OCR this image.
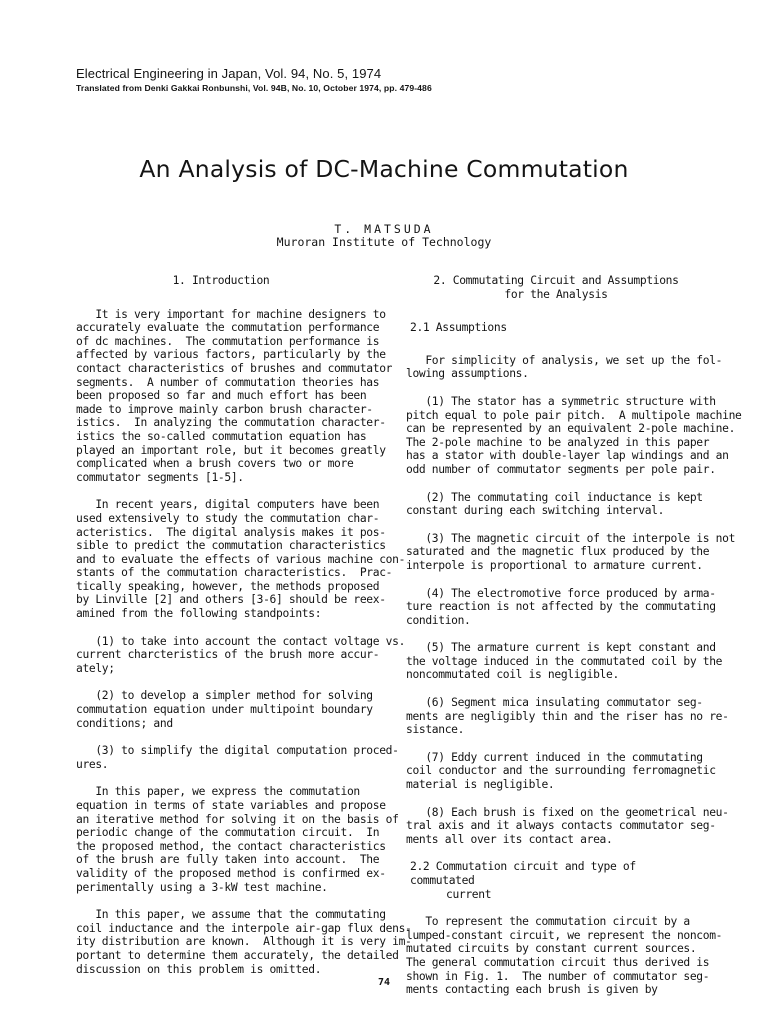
Electrical Engineering in Japan, Vol. 94, No. 5, 1974
Translated from Denki Gakkai Ronbunshi, Vol. 94B, No. 10, October 1974, pp. 479-486
An Analysis of DC-Machine Commutation
T. MATSUDA
Muroran Institute of Technology
1. Introduction
It is very important for machine designers to
accurately evaluate the commutation performance
of dc machines.  The commutation performance is
affected by various factors, particularly by the
contact characteristics of brushes and commutator
segments.  A number of commutation theories has
been proposed so far and much effort has been
made to improve mainly carbon brush character-
istics.  In analyzing the commutation character-
istics the so-called commutation equation has
played an important role, but it becomes greatly
complicated when a brush covers two or more
commutator segments [1-5].
In recent years, digital computers have been
used extensively to study the commutation char-
acteristics.  The digital analysis makes it pos-
sible to predict the commutation characteristics
and to evaluate the effects of various machine con-
stants of the commutation characteristics.  Prac-
tically speaking, however, the methods proposed
by Linville [2] and others [3-6] should be reex-
amined from the following standpoints:
(1) to take into account the contact voltage vs.
current charcteristics of the brush more accur-
ately;
(2) to develop a simpler method for solving
commutation equation under multipoint boundary
conditions; and
(3) to simplify the digital computation proced-
ures.
In this paper, we express the commutation
equation in terms of state variables and propose
an iterative method for solving it on the basis of
periodic change of the commutation circuit.  In
the proposed method, the contact characteristics
of the brush are fully taken into account.  The
validity of the proposed method is confirmed ex-
perimentally using a 3-kW test machine.
In this paper, we assume that the commutating
coil inductance and the interpole air-gap flux dens-
ity distribution are known.  Although it is very im-
portant to determine them accurately, the detailed
discussion on this problem is omitted.
2. Commutating Circuit and Assumptions
for the Analysis
2.1 Assumptions
For simplicity of analysis, we set up the fol-
lowing assumptions.
(1) The stator has a symmetric structure with
pitch equal to pole pair pitch.  A multipole machine
can be represented by an equivalent 2-pole machine.
The 2-pole machine to be analyzed in this paper
has a stator with double-layer lap windings and an
odd number of commutator segments per pole pair.
(2) The commutating coil inductance is kept
constant during each switching interval.
(3) The magnetic circuit of the interpole is not
saturated and the magnetic flux produced by the
interpole is proportional to armature current.
(4) The electromotive force produced by arma-
ture reaction is not affected by the commutating
condition.
(5) The armature current is kept constant and
the voltage induced in the commutated coil by the
noncommutated coil is negligible.
(6) Segment mica insulating commutator seg-
ments are negligibly thin and the riser has no re-
sistance.
(7) Eddy current induced in the commutating
coil conductor and the surrounding ferromagnetic
material is negligible.
(8) Each brush is fixed on the geometrical neu-
tral axis and it always contacts commutator seg-
ments all over its contact area.
2.2 Commutation circuit and type of commutated
current
To represent the commutation circuit by a
lumped-constant circuit, we represent the noncom-
mutated circuits by constant current sources.
The general commutation circuit thus derived is
shown in Fig. 1.  The number of commutator seg-
ments contacting each brush is given by
74
